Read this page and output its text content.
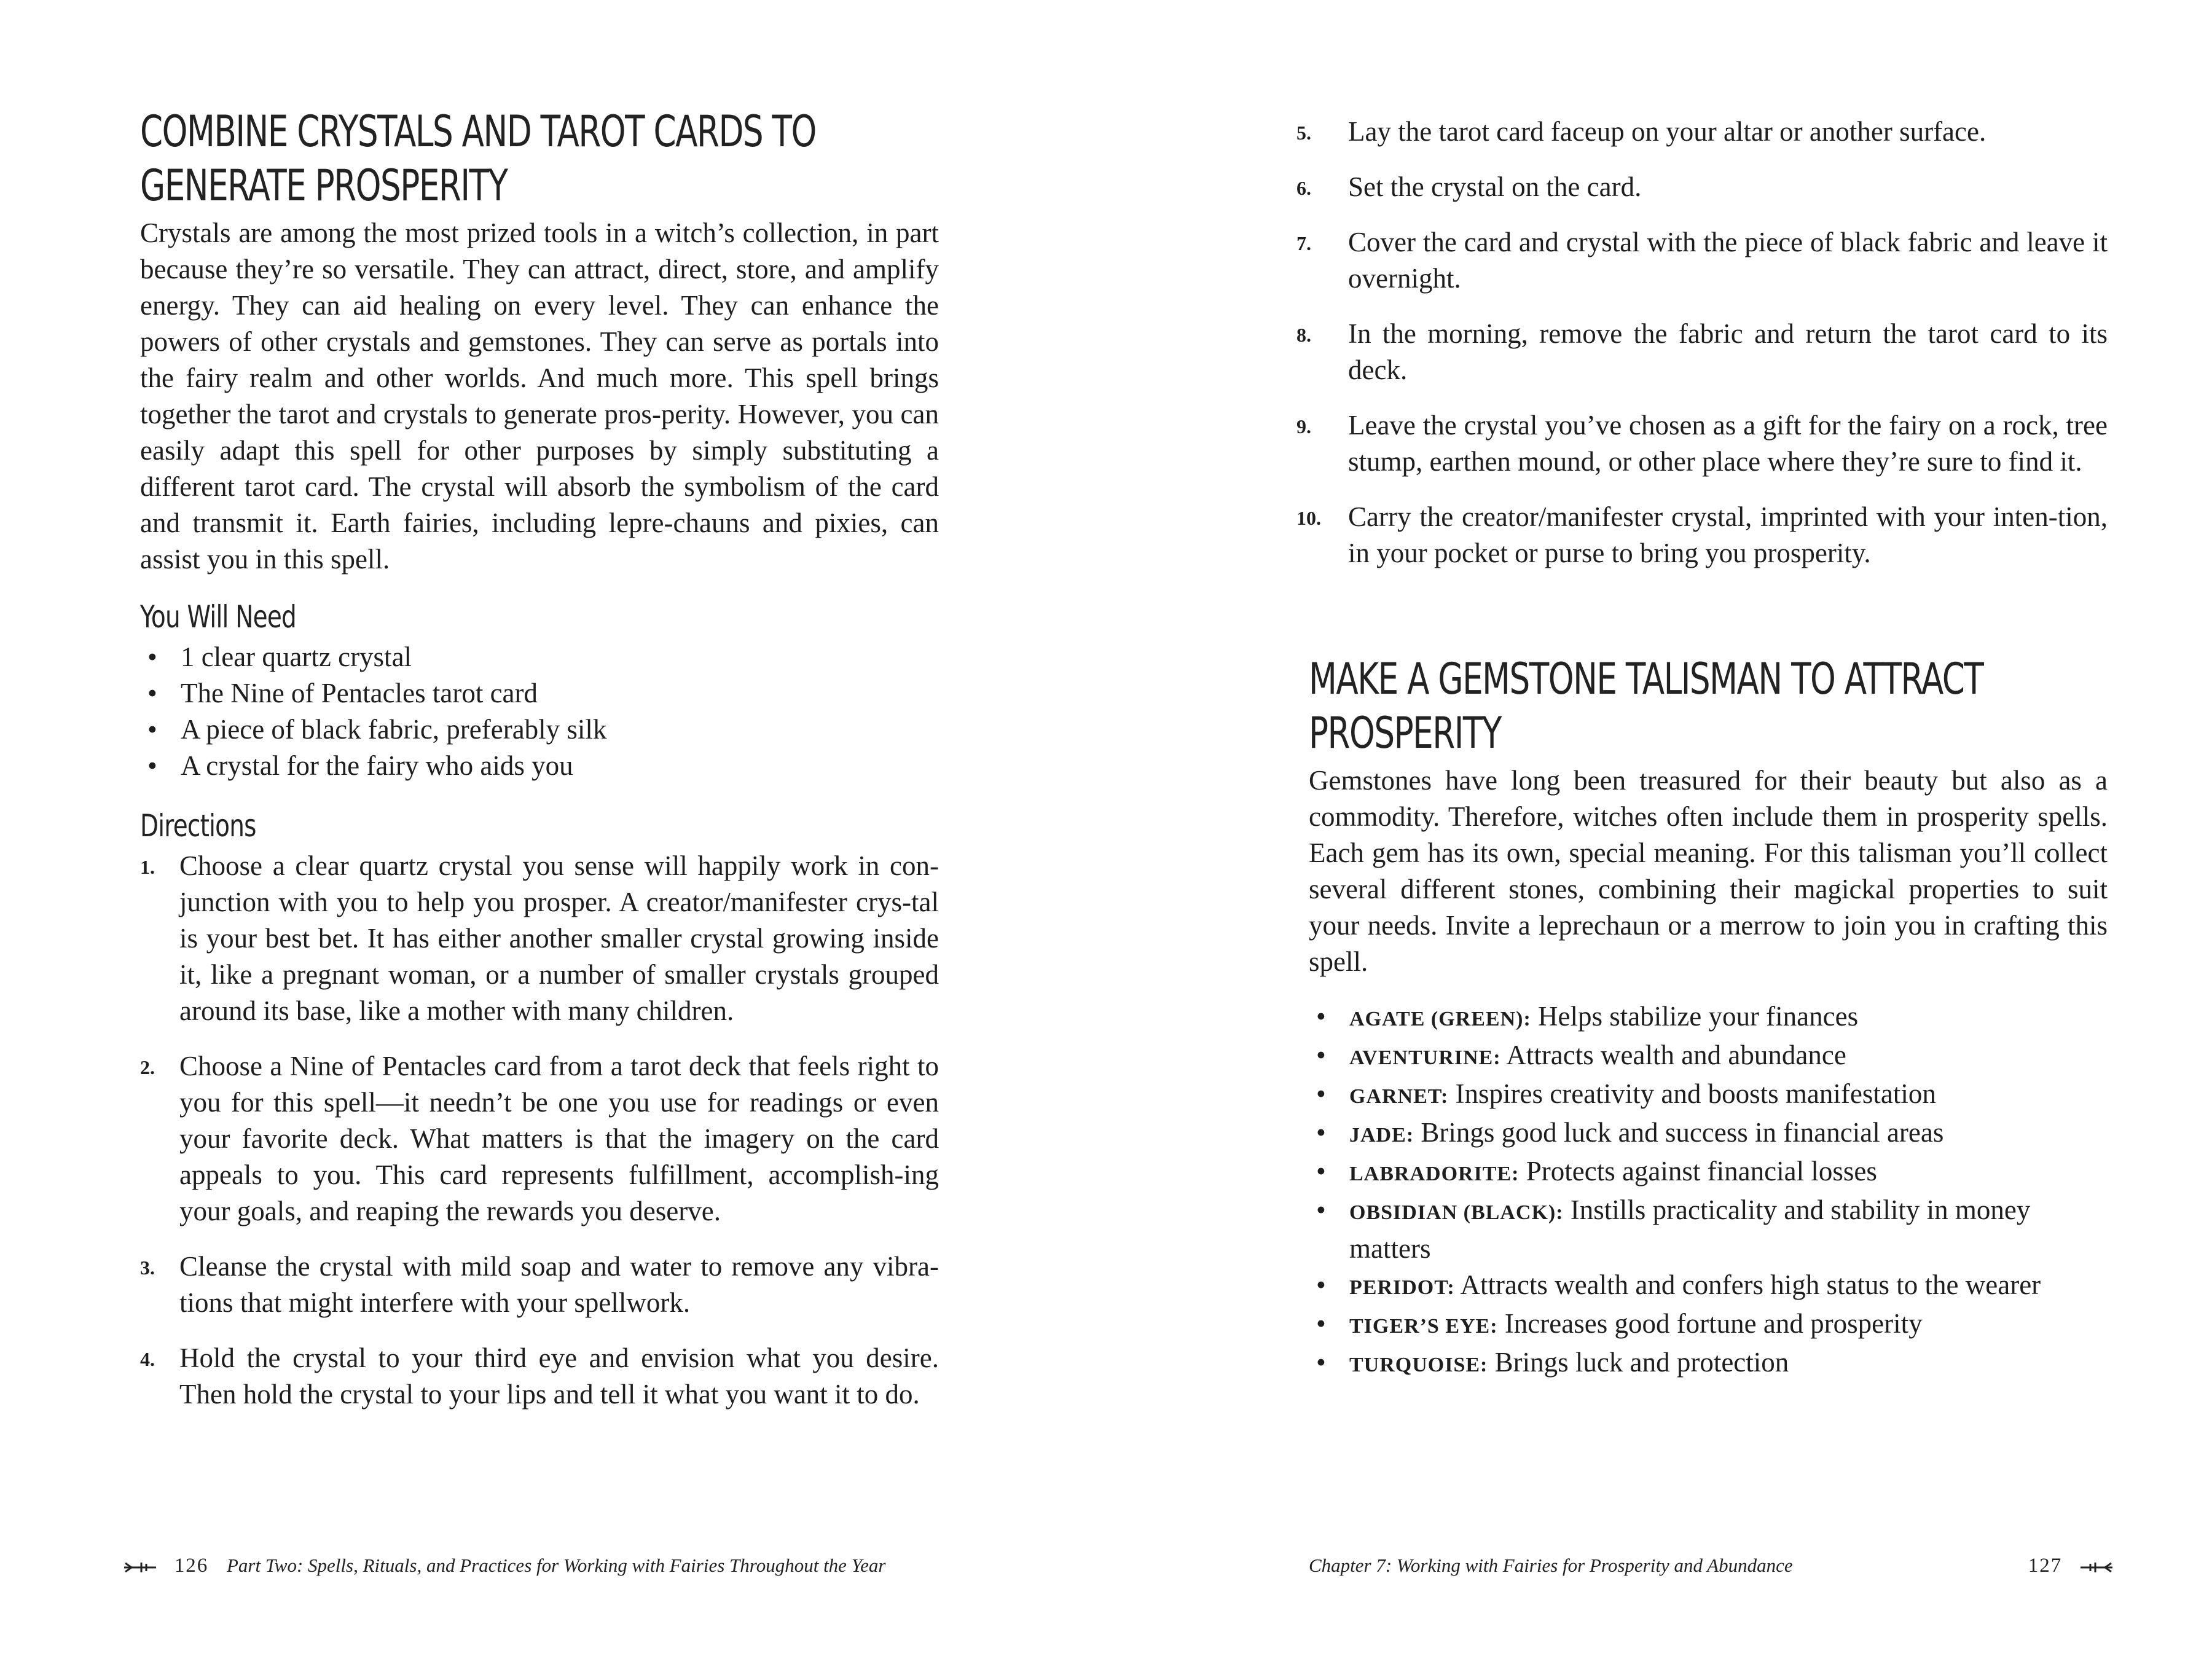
COMBINE CRYSTALS AND TAROT CARDS TO
GENERATE PROSPERITY

Crystals are among the most prized tools in a witch’s collection, in part because they’re so versatile. They can attract, direct, store, and amplify energy. They can aid healing on every level. They can enhance the powers of other crystals and gemstones. They can serve as portals into the fairy realm and other worlds. And much more. This spell brings together the tarot and crystals to generate pros-perity. However, you can easily adapt this spell for other purposes by simply substituting a different tarot card. The crystal will absorb the symbolism of the card and transmit it. Earth fairies, including lepre-chauns and pixies, can assist you in this spell.

You Will Need
• 1 clear quartz crystal
• The Nine of Pentacles tarot card
• A piece of black fabric, preferably silk
• A crystal for the fairy who aids you
Directions
1. Choose a clear quartz crystal you sense will happily work in con-junction with you to help you prosper. A creator/manifester crys-tal is your best bet. It has either another smaller crystal growing inside it, like a pregnant woman, or a number of smaller crystals grouped around its base, like a mother with many children.
2. Choose a Nine of Pentacles card from a tarot deck that feels right to you for this spell—it needn’t be one you use for readings or even your favorite deck. What matters is that the imagery on the card appeals to you. This card represents fulfillment, accomplish-ing your goals, and reaping the rewards you deserve.
3. Cleanse the crystal with mild soap and water to remove any vibra-tions that might interfere with your spellwork.
4. Hold the crystal to your third eye and envision what you desire. Then hold the crystal to your lips and tell it what you want it to do.
126 Part Two: Spells, Rituals, and Practices for Working with Fairies Throughout the Year
5.	Lay the tarot card faceup on your altar or another surface.
6.	Set the crystal on the card.
7.	Cover the card and crystal with the piece of black fabric and leave it overnight.
8.	In the morning, remove the fabric and return the tarot card to its deck.
9.	Leave the crystal you’ve chosen as a gift for the fairy on a rock, tree stump, earthen mound, or other place where they’re sure to find it.
10. Carry the creator/manifester crystal, imprinted with your inten-tion, in your pocket or purse to bring you prosperity.
MAKE A GEMSTONE TALISMAN TO ATTRACT
PROSPERITY

Gemstones have long been treasured for their beauty but also as a commodity. Therefore, witches often include them in prosperity spells. Each gem has its own, special meaning. For this talisman you’ll collect several different stones, combining their magickal properties to suit your needs. Invite a leprechaun or a merrow to join you in crafting this spell.

• AGATE (GREEN): Helps stabilize your finances
• AVENTURINE: Attracts wealth and abundance
• GARNET: Inspires creativity and boosts manifestation
• JADE: Brings good luck and success in financial areas
• LABRADORITE: Protects against financial losses
• OBSIDIAN (BLACK): Instills practicality and stability in money matters
• PERIDOT: Attracts wealth and confers high status to the wearer
• TIGER’S EYE: Increases good fortune and prosperity
• TURQUOISE: Brings luck and protection
Chapter 7: Working with Fairies for Prosperity and Abundance	127
